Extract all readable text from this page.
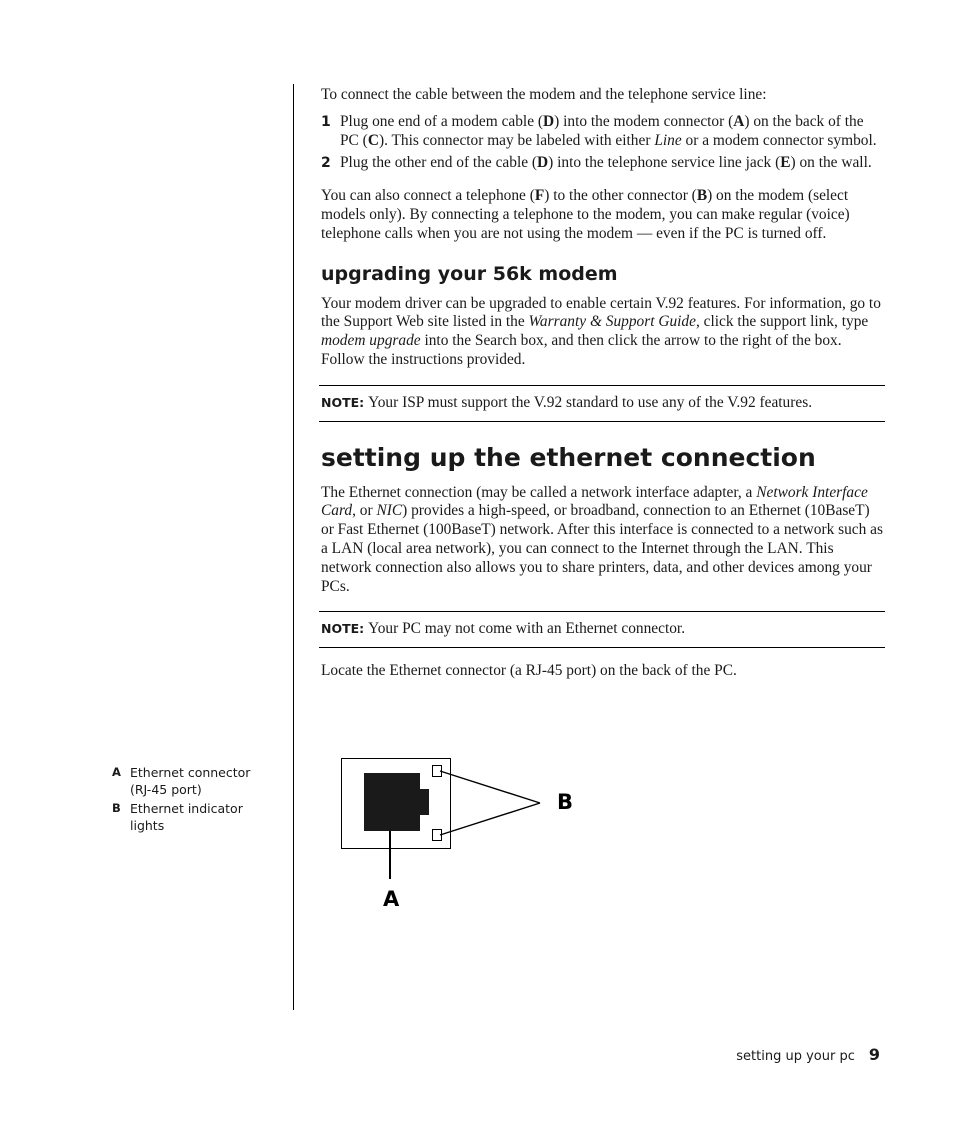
To connect the cable between the modem and the telephone service line:

1 Plug one end of a modem cable (D) into the modem connector (A) on the back of the PC (C). This connector may be labeled with either Line or a modem connector symbol.
2 Plug the other end of the cable (D) into the telephone service line jack (E) on the wall.

You can also connect a telephone (F) to the other connector (B) on the modem (select models only). By connecting a telephone to the modem, you can make regular (voice) telephone calls when you are not using the modem — even if the PC is turned off.

upgrading your 56k modem

Your modem driver can be upgraded to enable certain V.92 features. For information, go to the Support Web site listed in the Warranty & Support Guide, click the support link, type modem upgrade into the Search box, and then click the arrow to the right of the box. Follow the instructions provided.

NOTE: Your ISP must support the V.92 standard to use any of the V.92 features.
setting up the ethernet connection

The Ethernet connection (may be called a network interface adapter, a Network Interface Card, or NIC) provides a high-speed, or broadband, connection to an Ethernet (10BaseT) or Fast Ethernet (100BaseT) network. After this interface is connected to a network such as a LAN (local area network), you can connect to the Internet through the LAN. This network connection also allows you to share printers, data, and other devices among your PCs.

NOTE: Your PC may not come with an Ethernet connector.

Locate the Ethernet connector (a RJ-45 port) on the back of the PC.

A Ethernet connector (RJ-45 port)
B Ethernet indicator lights
B
A
setting up your pc 9
